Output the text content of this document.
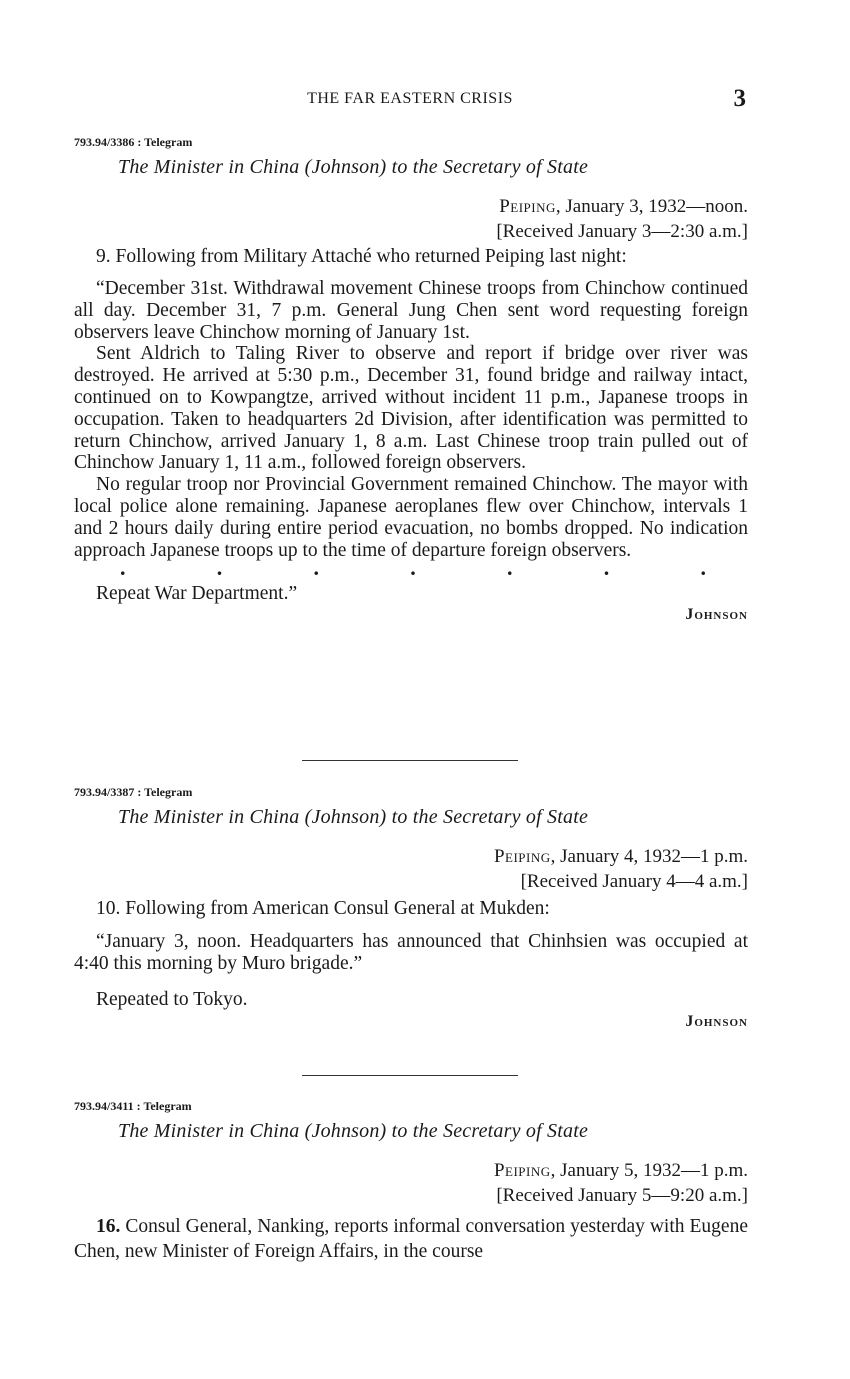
THE FAR EASTERN CRISIS	3

793.94/3386 : Telegram

The Minister in China (Johnson) to the Secretary of State

Peiping, January 3, 1932—noon.

[Received January 3—2:30 a.m.]

9. Following from Military Attaché who returned Peiping last night:

“December 31st. Withdrawal movement Chinese troops from Chinchow continued all day. December 31, 7 p.m. General Jung Chen sent word requesting foreign observers leave Chinchow morning of January 1st.

Sent Aldrich to Taling River to observe and report if bridge over river was destroyed. He arrived at 5:30 p.m., December 31, found bridge and railway intact, continued on to Kowpangtze, arrived without incident 11 p.m., Japanese troops in occupation. Taken to headquarters 2d Division, after identification was permitted to return Chinchow, arrived January 1, 8 a.m. Last Chinese troop train pulled out of Chinchow January 1, 11 a.m., followed foreign observers.

No regular troop nor Provincial Government remained Chinchow. The mayor with local police alone remaining. Japanese aeroplanes flew over Chinchow, intervals 1 and 2 hours daily during entire period evacuation, no bombs dropped. No indication approach Japanese troops up to the time of departure foreign observers.

.	.	.	.	.	.	.

Repeat War Department.”

Johnson

793.94/3387 : Telegram

The Minister in China (Johnson) to the Secretary of State

Peiping, January 4, 1932—1 p.m.

[Received January 4—4 a.m.]

10. Following from American Consul General at Mukden:

“January 3, noon. Headquarters has announced that Chinhsien was occupied at 4:40 this morning by Muro brigade.”

Repeated to Tokyo.

Johnson

793.94/3411 : Telegram

The Minister in China (Johnson) to the Secretary of State

Peiping, January 5, 1932—1 p.m.

[Received January 5—9:20 a.m.]

16. Consul General, Nanking, reports informal conversation yesterday with Eugene Chen, new Minister of Foreign Affairs, in the course
